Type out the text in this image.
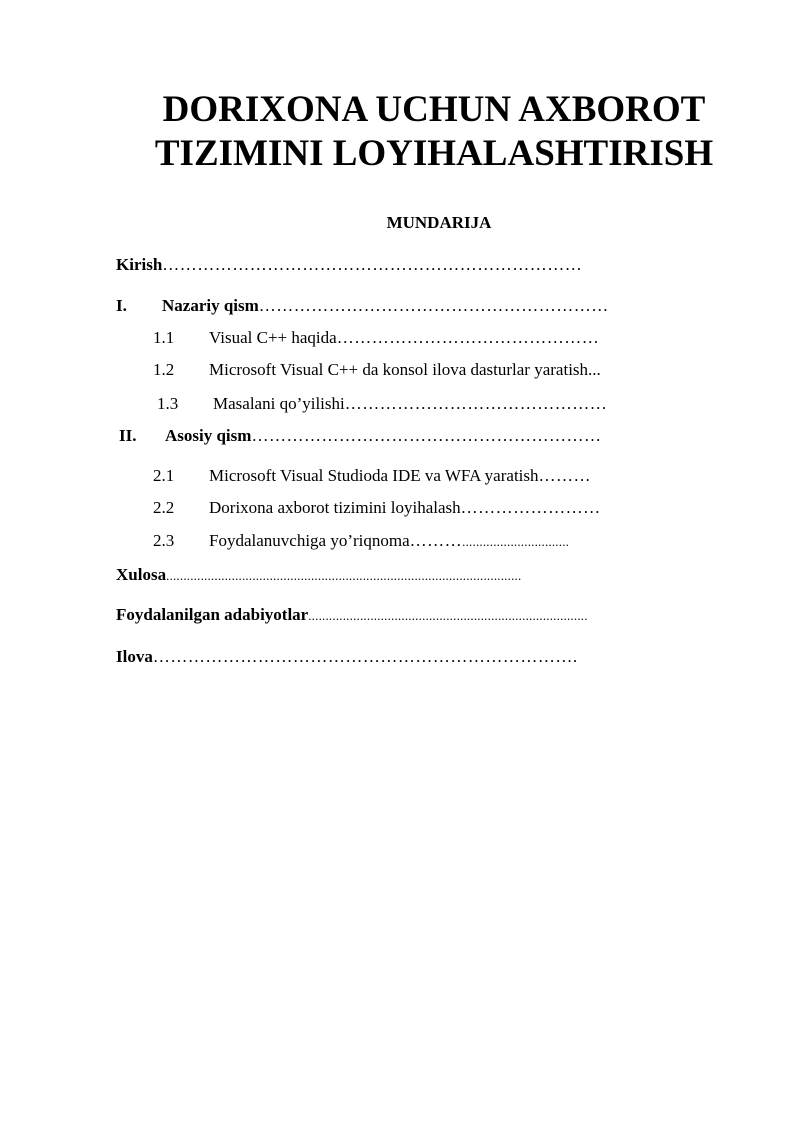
DORIXONA UCHUN AXBOROT
TIZIMINI LOYIHALASHTIRISH
MUNDARIJA
Kirish………………………………………………………………
I. Nazariy qism……………………………………………………
1.1 Visual C++ haqida………………………………………
1.2 Microsoft Visual C++ da konsol ilova dasturlar yaratish...
1.3 Masalani qo’yilishi………………………………………
II. Asosiy qism……………………………………………………
2.1 Microsoft Visual Studioda IDE va WFA yaratish………
2.2 Dorixona axborot tizimini loyihalash……………………
2.3 Foydalanuvchiga yo’riqnoma………...............................
Xulosa.......................................................................................................
Foydalanilgan adabiyotlar.................................................................................
Ilova……………………………………………………………….
